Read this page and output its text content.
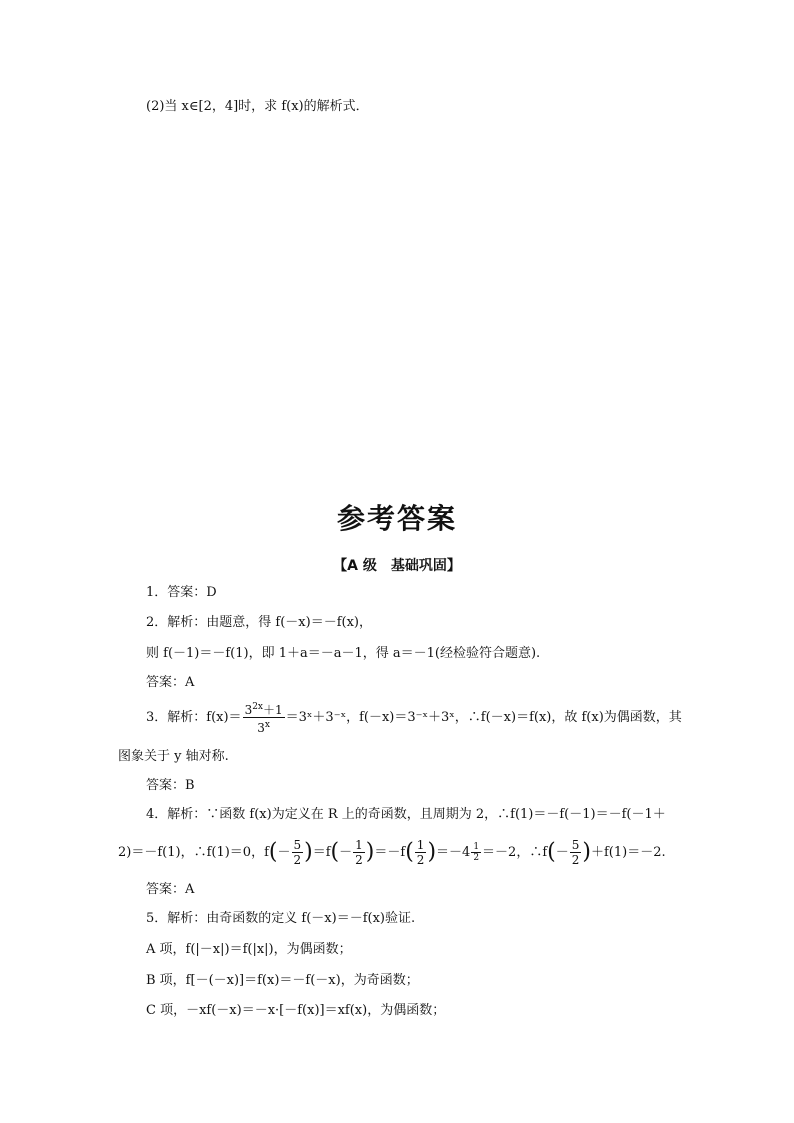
(2)当 x∈[2，4]时，求 f(x)的解析式．
参考答案
【A 级　基础巩固】
1．答案：D
2．解析：由题意，得 f(－x)＝－f(x)，
则 f(－1)＝－f(1)，即 1＋a＝－a－1，得 a＝－1(经检验符合题意).
答案：A
3．解析：$f(x)= \frac{3^{2x}+1}{3^x}$ ＝3ˣ＋3⁻ˣ，f(－x)＝3⁻ˣ＋3ˣ，∴f(－x)＝f(x)，故 f(x)为偶函数，其
图象关于 y 轴对称.
答案：B
4．解析：∵函数 f(x)为定义在 R 上的奇函数，且周期为 2，∴f(1)＝－f(－1)＝－f(－1＋
2)＝－f(1)，∴f(1)＝0，$f(- \frac{5}{2} )=f(- \frac{1}{2} )=-f( \frac{1}{2} )=-4 \frac{1}{2} =-2$，∴f(－ $\frac{5}{2} )+f(1)=-2$.
答案：A
5．解析：由奇函数的定义 f(－x)＝－f(x)验证.
A 项，f(|－x|)＝f(|x|)，为偶函数；
B 项，f[－(－x)]＝f(x)＝－f(－x)，为奇函数；
C 项，－xf(－x)＝－x·[－f(x)]＝xf(x)，为偶函数；
